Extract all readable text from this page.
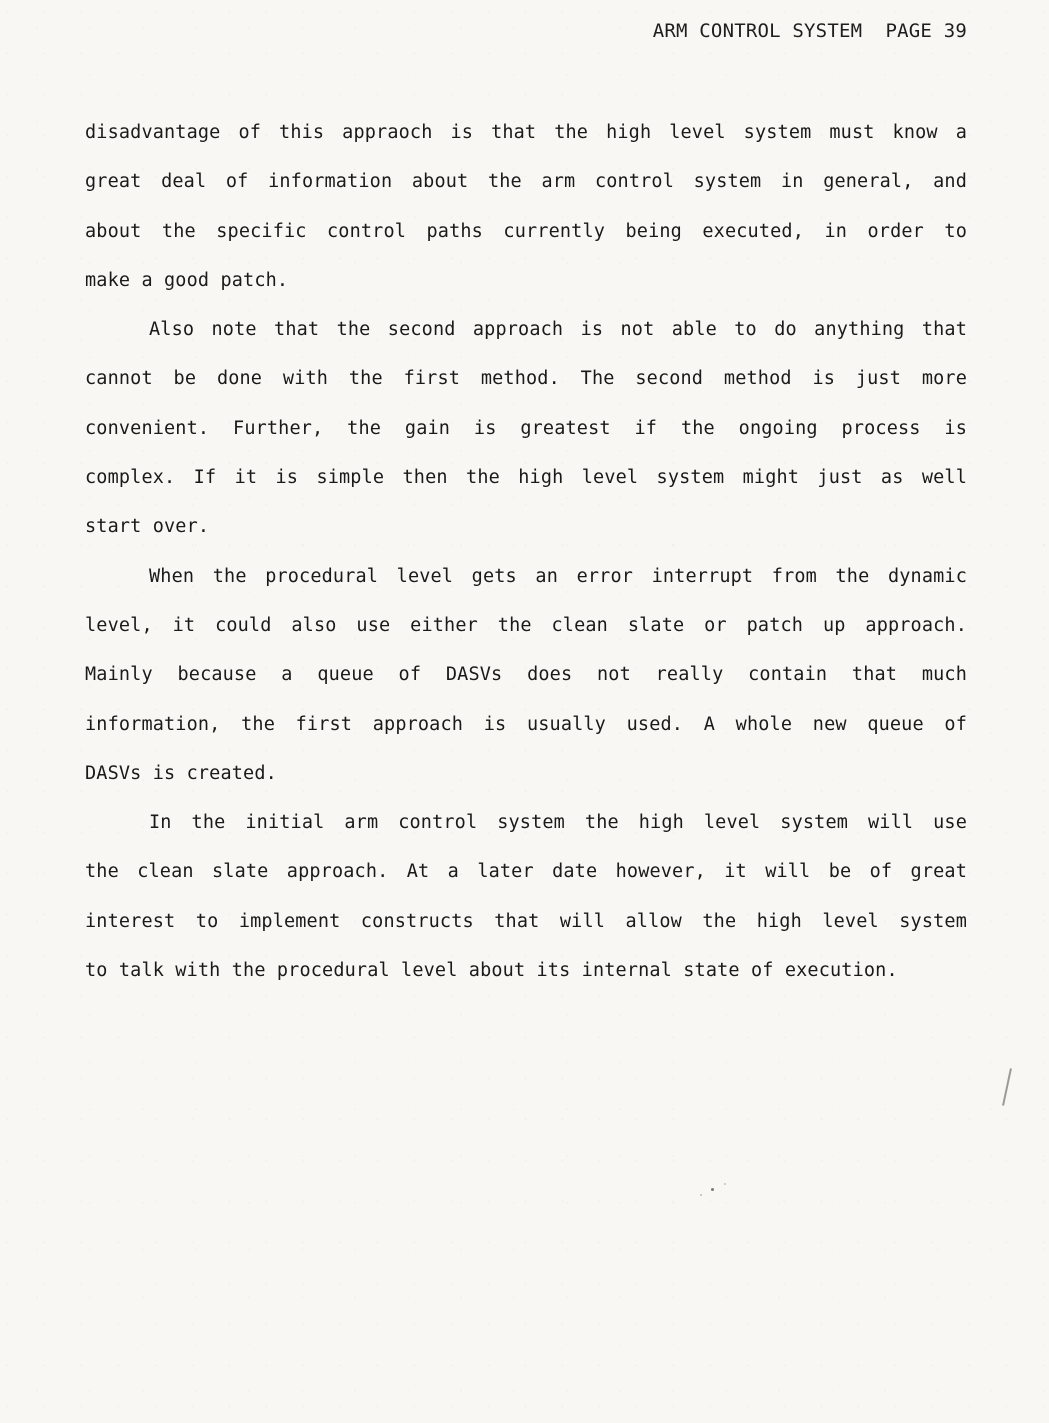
ARM CONTROL SYSTEM  PAGE 39
disadvantage of this appraoch is that the high level system must know a
great deal of information about the arm control system in general, and
about the specific control paths currently being executed, in order to
make a good patch.
Also note that the second approach is not able to do anything that
cannot be done with the first method. The second method is just more
convenient. Further, the gain is greatest if the ongoing process is
complex. If it is simple then the high level system might just as well
start over.
When the procedural level gets an error interrupt from the dynamic
level, it could also use either the clean slate or patch up approach.
Mainly because a queue of DASVs does not really contain that much
information, the first approach is usually used. A whole new queue of
DASVs is created.
In the initial arm control system the high level system will use
the clean slate approach. At a later date however, it will be of great
interest to implement constructs that will allow the high level system
to talk with the procedural level about its internal state of execution.
